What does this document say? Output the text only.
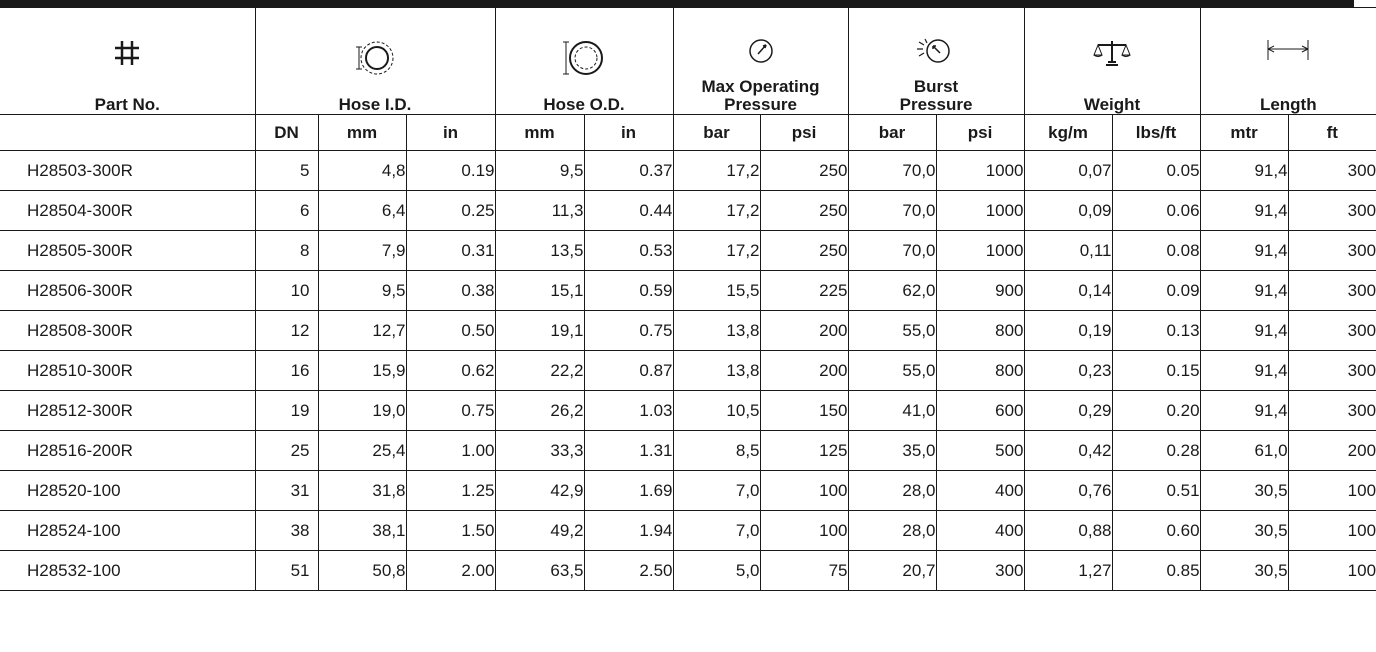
Part No.	Hose I.D.			Hose O.D.		Max Operating Pressure		Burst Pressure		Weight		Length	

	DN	mm	in	mm	in	bar	psi	bar	psi	kg/m	lbs/ft	mtr	ft
H28503-300R	5	4,8	0.19	9,5	0.37	17,2	250	70,0	1000	0,07	0.05	91,4	300
H28504-300R	6	6,4	0.25	11,3	0.44	17,2	250	70,0	1000	0,09	0.06	91,4	300
H28505-300R	8	7,9	0.31	13,5	0.53	17,2	250	70,0	1000	0,11	0.08	91,4	300
H28506-300R	10	9,5	0.38	15,1	0.59	15,5	225	62,0	900	0,14	0.09	91,4	300
H28508-300R	12	12,7	0.50	19,1	0.75	13,8	200	55,0	800	0,19	0.13	91,4	300
H28510-300R	16	15,9	0.62	22,2	0.87	13,8	200	55,0	800	0,23	0.15	91,4	300
H28512-300R	19	19,0	0.75	26,2	1.03	10,5	150	41,0	600	0,29	0.20	91,4	300
H28516-200R	25	25,4	1.00	33,3	1.31	8,5	125	35,0	500	0,42	0.28	61,0	200
H28520-100	31	31,8	1.25	42,9	1.69	7,0	100	28,0	400	0,76	0.51	30,5	100
H28524-100	38	38,1	1.50	49,2	1.94	7,0	100	28,0	400	0,88	0.60	30,5	100
H28532-100	51	50,8	2.00	63,5	2.50	5,0	75	20,7	300	1,27	0.85	30,5	100
